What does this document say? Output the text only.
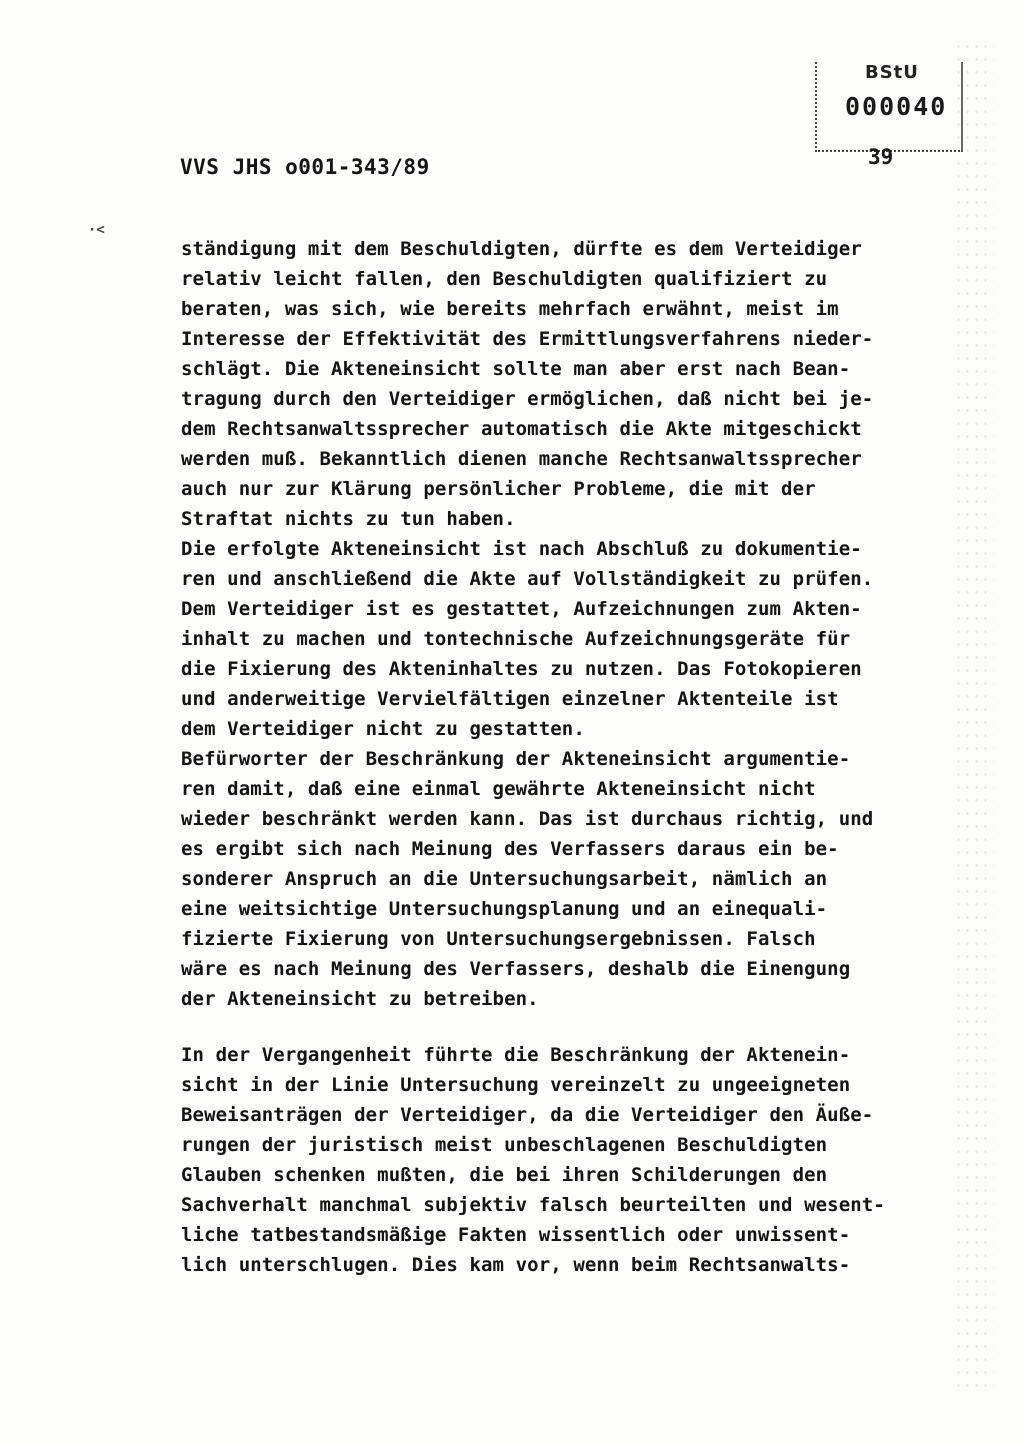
BStU
000040
39
VVS JHS o001-343/89
·<
ständigung mit dem Beschuldigten, dürfte es dem Verteidiger
relativ leicht fallen, den Beschuldigten qualifiziert zu
beraten, was sich, wie bereits mehrfach erwähnt, meist im
Interesse der Effektivität des Ermittlungsverfahrens nieder-
schlägt. Die Akteneinsicht sollte man aber erst nach Bean-
tragung durch den Verteidiger ermöglichen, daß nicht bei je-
dem Rechtsanwaltssprecher automatisch die Akte mitgeschickt
werden muß. Bekanntlich dienen manche Rechtsanwaltssprecher
auch nur zur Klärung persönlicher Probleme, die mit der
Straftat nichts zu tun haben.
Die erfolgte Akteneinsicht ist nach Abschluß zu dokumentie-
ren und anschließend die Akte auf Vollständigkeit zu prüfen.
Dem Verteidiger ist es gestattet, Aufzeichnungen zum Akten-
inhalt zu machen und tontechnische Aufzeichnungsgeräte für
die Fixierung des Akteninhaltes zu nutzen. Das Fotokopieren
und anderweitige Vervielfältigen einzelner Aktenteile ist
dem Verteidiger nicht zu gestatten.
Befürworter der Beschränkung der Akteneinsicht argumentie-
ren damit, daß eine einmal gewährte Akteneinsicht nicht
wieder beschränkt werden kann. Das ist durchaus richtig, und
es ergibt sich nach Meinung des Verfassers daraus ein be-
sonderer Anspruch an die Untersuchungsarbeit, nämlich an
eine weitsichtige Untersuchungsplanung und an einequali-
fizierte Fixierung von Untersuchungsergebnissen. Falsch
wäre es nach Meinung des Verfassers, deshalb die Einengung
der Akteneinsicht zu betreiben.
In der Vergangenheit führte die Beschränkung der Aktenein-
sicht in der Linie Untersuchung vereinzelt zu ungeeigneten
Beweisanträgen der Verteidiger, da die Verteidiger den Äuße-
rungen der juristisch meist unbeschlagenen Beschuldigten
Glauben schenken mußten, die bei ihren Schilderungen den
Sachverhalt manchmal subjektiv falsch beurteilten und wesent-
liche tatbestandsmäßige Fakten wissentlich oder unwissent-
lich unterschlugen. Dies kam vor, wenn beim Rechtsanwalts-
